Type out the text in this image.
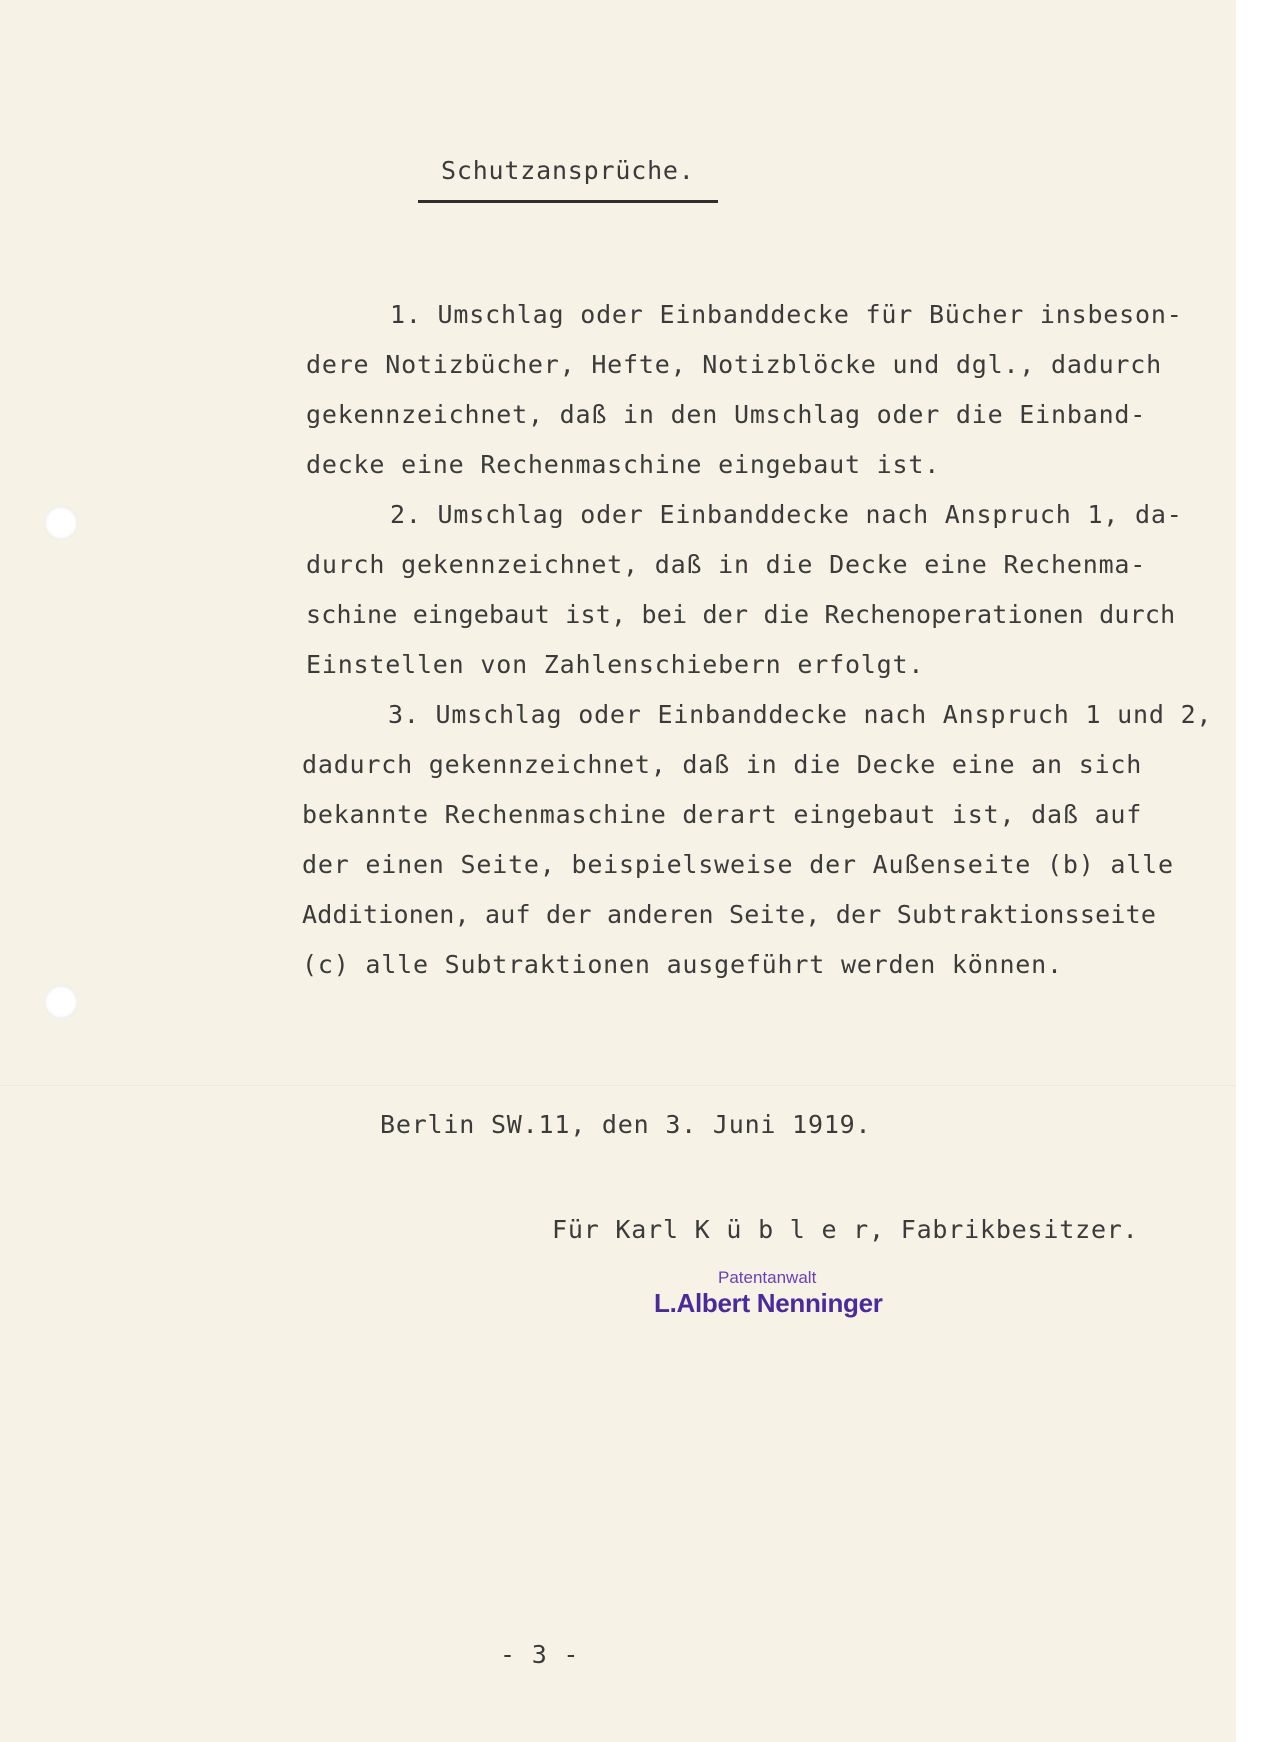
Schutzansprüche.
1. Umschlag oder Einbanddecke für Bücher insbeson-
dere Notizbücher, Hefte, Notizblöcke und dgl., dadurch
gekennzeichnet, daß in den Umschlag oder die Einband-
decke eine Rechenmaschine eingebaut ist.
2. Umschlag oder Einbanddecke nach Anspruch 1, da-
durch gekennzeichnet, daß in die Decke eine Rechenma-
schine eingebaut ist, bei der die Rechenoperationen durch
Einstellen von Zahlenschiebern erfolgt.
3. Umschlag oder Einbanddecke nach Anspruch 1 und 2,
dadurch gekennzeichnet, daß in die Decke eine an sich
bekannte Rechenmaschine derart eingebaut ist, daß auf
der einen Seite, beispielsweise der Außenseite (b) alle
Additionen, auf der anderen Seite, der Subtraktionsseite
(c) alle Subtraktionen ausgeführt werden können.
Berlin SW.11, den 3. Juni 1919.
Für Karl K ü b l e r, Fabrikbesitzer.
Patentanwalt
L.Albert Nenninger
- 3 -
